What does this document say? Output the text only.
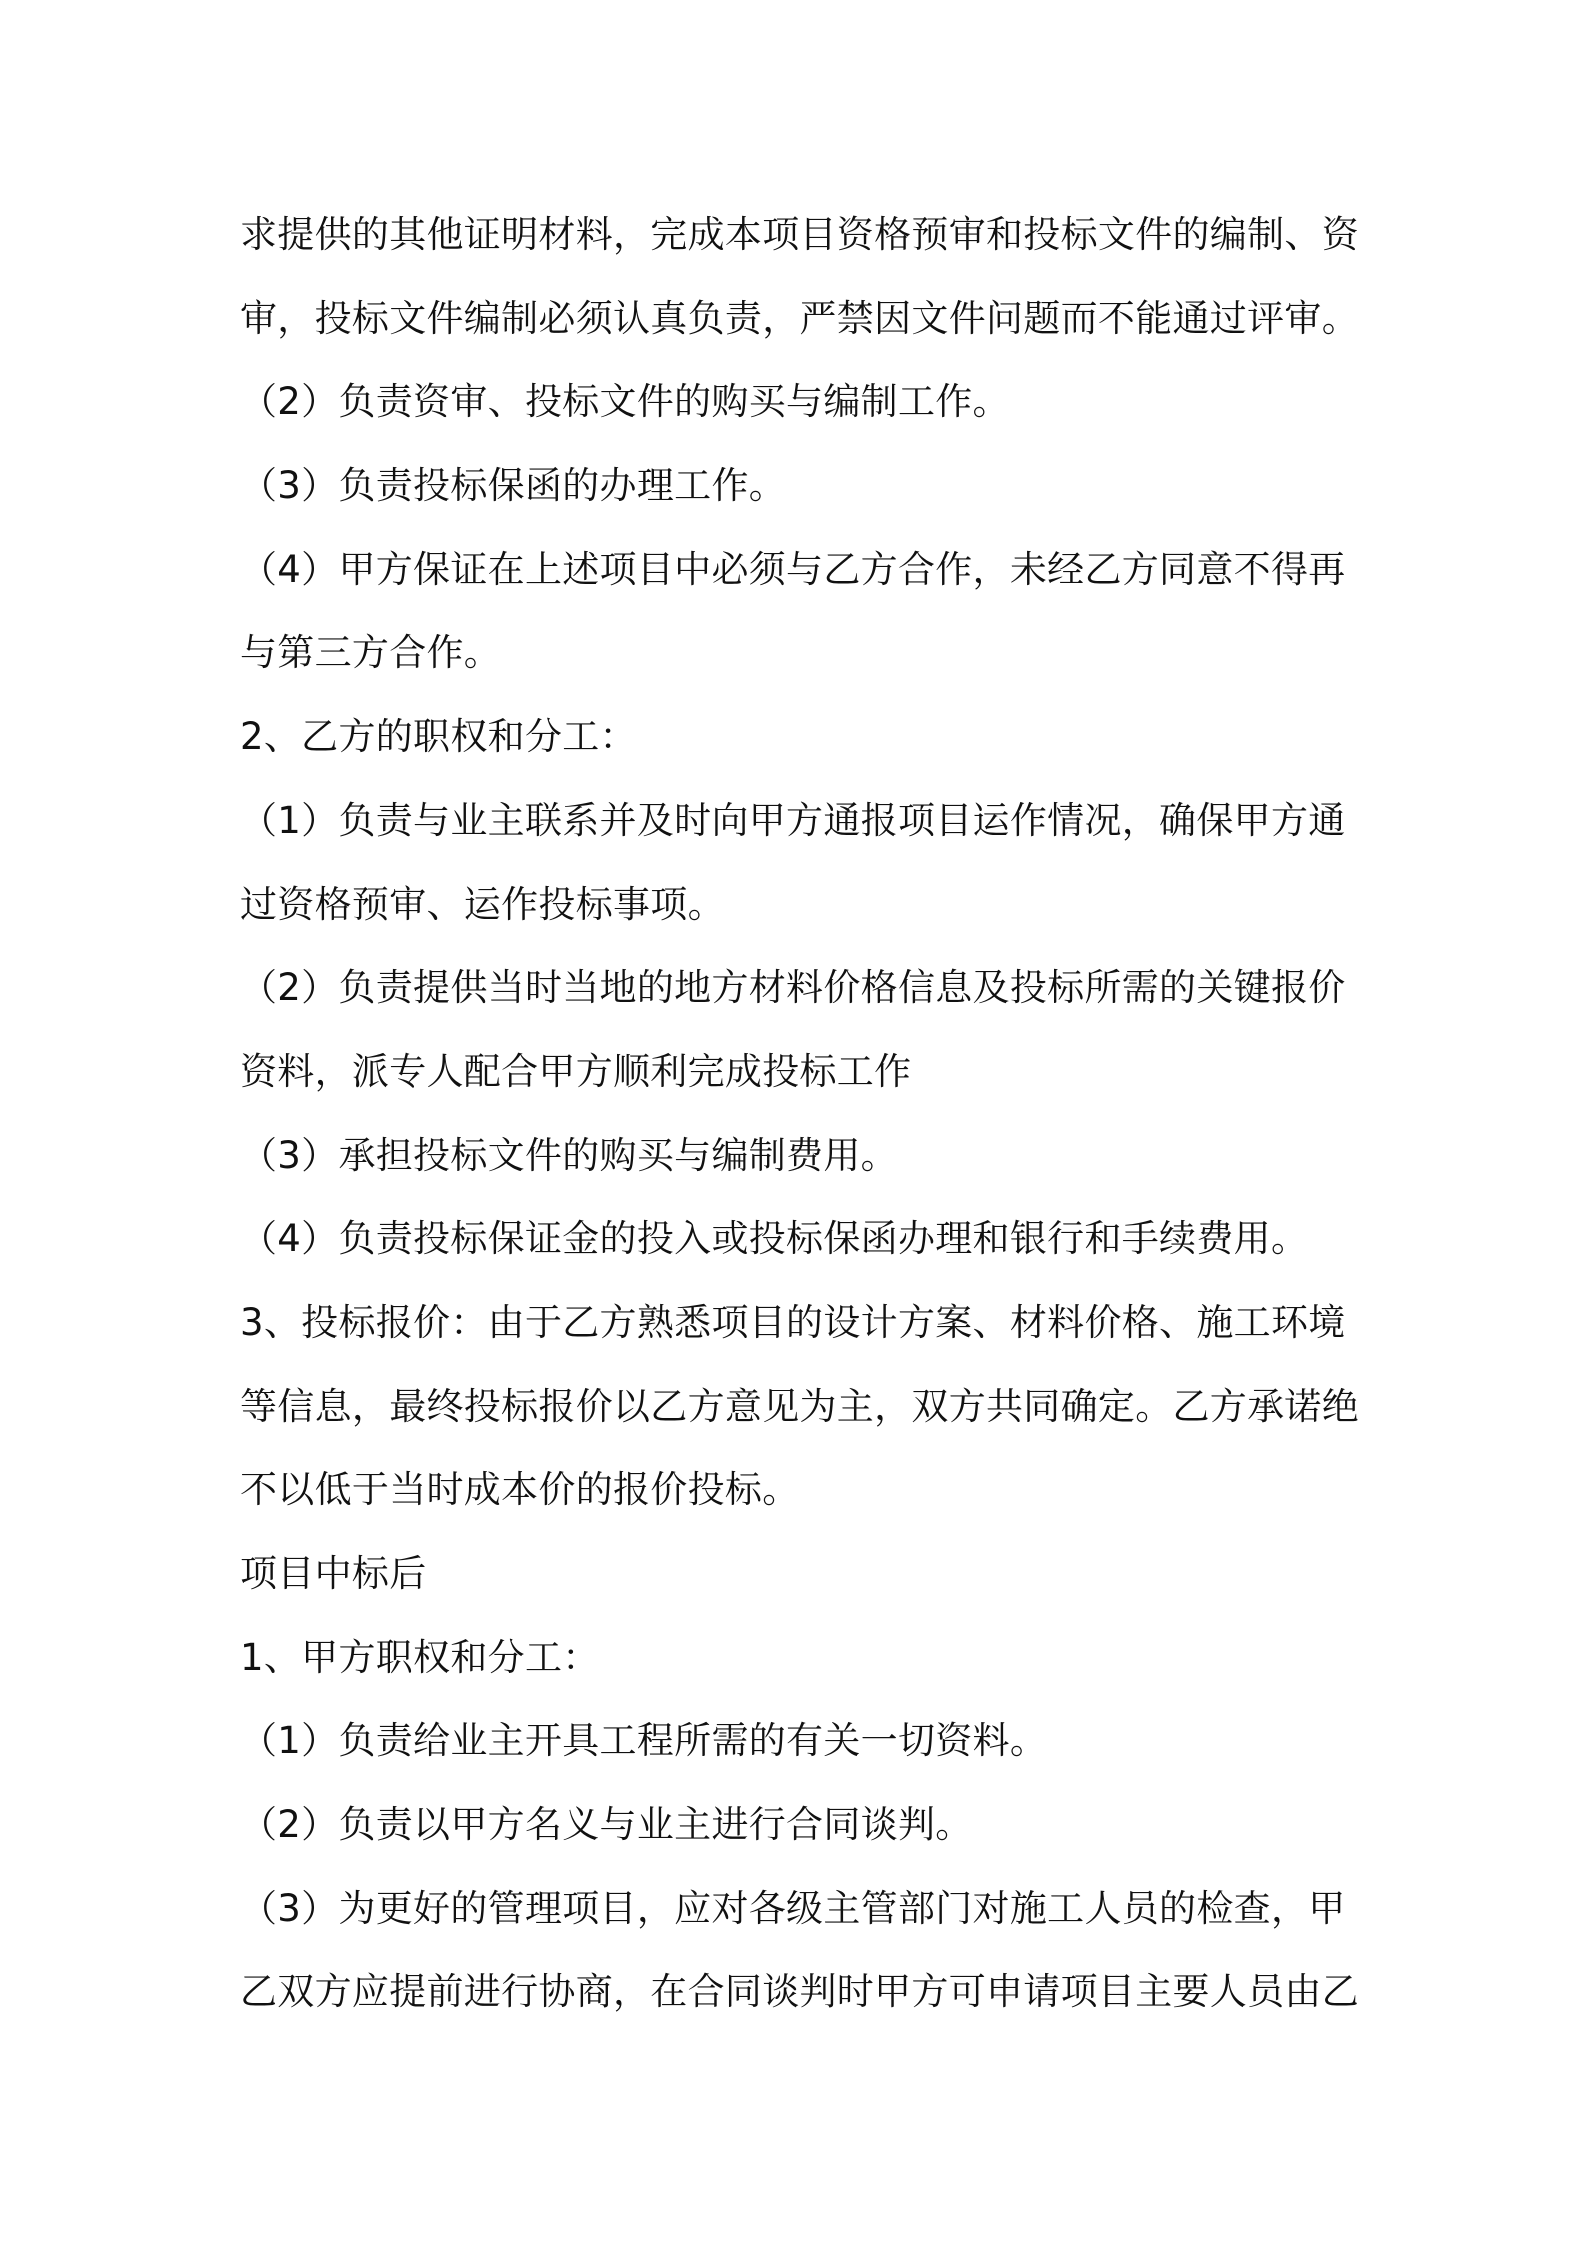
求提供的其他证明材料，完成本项目资格预审和投标文件的编制、资
审，投标文件编制必须认真负责，严禁因文件问题而不能通过评审。
（2）负责资审、投标文件的购买与编制工作。
（3）负责投标保函的办理工作。
（4）甲方保证在上述项目中必须与乙方合作，未经乙方同意不得再
与第三方合作。
2、乙方的职权和分工：
（1）负责与业主联系并及时向甲方通报项目运作情况，确保甲方通
过资格预审、运作投标事项。
（2）负责提供当时当地的地方材料价格信息及投标所需的关键报价
资料，派专人配合甲方顺利完成投标工作
（3）承担投标文件的购买与编制费用。
（4）负责投标保证金的投入或投标保函办理和银行和手续费用。
3、投标报价：由于乙方熟悉项目的设计方案、材料价格、施工环境
等信息，最终投标报价以乙方意见为主，双方共同确定。乙方承诺绝
不以低于当时成本价的报价投标。
项目中标后
1、甲方职权和分工：
（1）负责给业主开具工程所需的有关一切资料。
（2）负责以甲方名义与业主进行合同谈判。
（3）为更好的管理项目，应对各级主管部门对施工人员的检查，甲
乙双方应提前进行协商，在合同谈判时甲方可申请项目主要人员由乙
